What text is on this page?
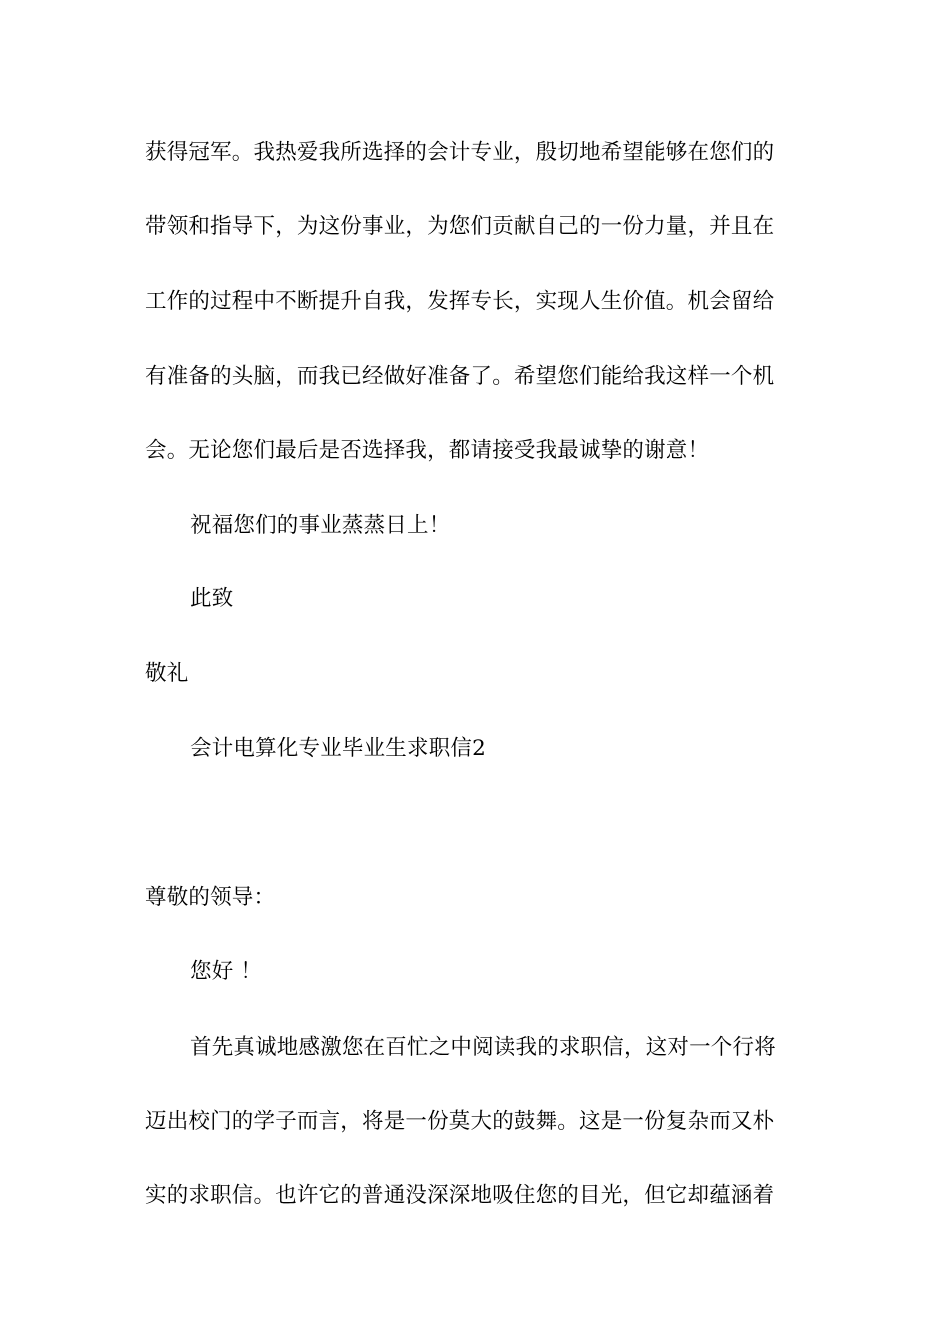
获得冠军。我热爱我所选择的会计专业，殷切地希望能够在您们的
带领和指导下，为这份事业，为您们贡献自己的一份力量，并且在
工作的过程中不断提升自我，发挥专长，实现人生价值。机会留给
有准备的头脑，而我已经做好准备了。希望您们能给我这样一个机
会。无论您们最后是否选择我，都请接受我最诚挚的谢意！
祝福您们的事业蒸蒸日上！
此致
敬礼
会计电算化专业毕业生求职信2
尊敬的领导：
您好 ！
首先真诚地感激您在百忙之中阅读我的求职信，这对一个行将
迈出校门的学子而言，将是一份莫大的鼓舞。这是一份复杂而又朴
实的求职信。也许它的普通没深深地吸住您的目光，但它却蕴涵着
